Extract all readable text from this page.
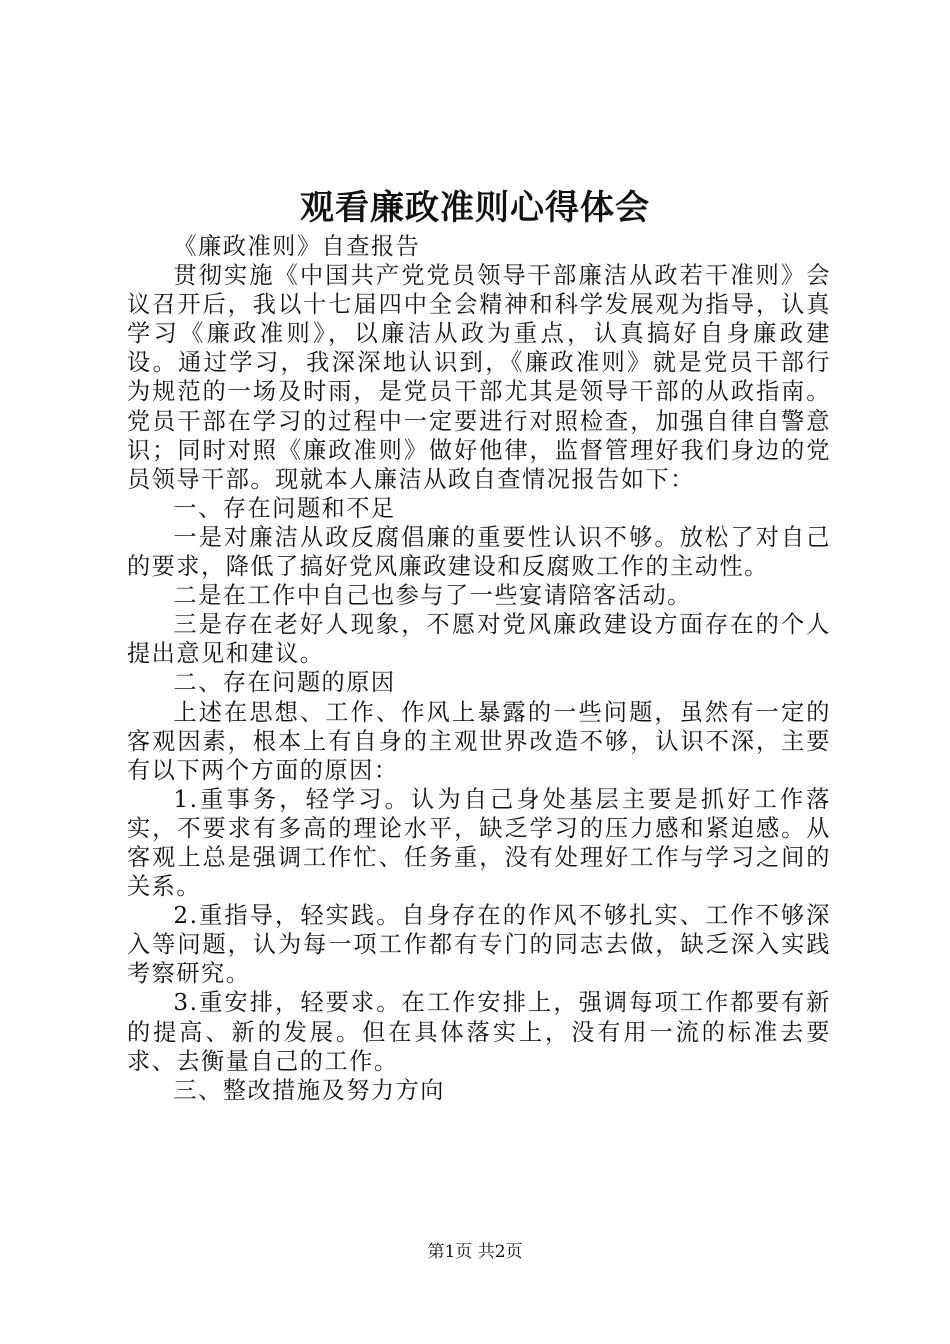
观看廉政准则心得体会

《廉政准则》自查报告

贯彻实施《中国共产党党员领导干部廉洁从政若干准则》会议召开后，我以十七届四中全会精神和科学发展观为指导，认真学习《廉政准则》，以廉洁从政为重点，认真搞好自身廉政建设。通过学习，我深深地认识到，《廉政准则》就是党员干部行为规范的一场及时雨，是党员干部尤其是领导干部的从政指南。党员干部在学习的过程中一定要进行对照检查，加强自律自警意识；同时对照《廉政准则》做好他律，监督管理好我们身边的党员领导干部。现就本人廉洁从政自查情况报告如下：

一、存在问题和不足

一是对廉洁从政反腐倡廉的重要性认识不够。放松了对自己的要求，降低了搞好党风廉政建设和反腐败工作的主动性。

二是在工作中自己也参与了一些宴请陪客活动。

三是存在老好人现象，不愿对党风廉政建设方面存在的个人提出意见和建议。

二、存在问题的原因

上述在思想、工作、作风上暴露的一些问题，虽然有一定的客观因素，根本上有自身的主观世界改造不够，认识不深，主要有以下两个方面的原因：

1.重事务，轻学习。认为自己身处基层主要是抓好工作落实，不要求有多高的理论水平，缺乏学习的压力感和紧迫感。从客观上总是强调工作忙、任务重，没有处理好工作与学习之间的关系。

2.重指导，轻实践。自身存在的作风不够扎实、工作不够深入等问题，认为每一项工作都有专门的同志去做，缺乏深入实践考察研究。

3.重安排，轻要求。在工作安排上，强调每项工作都要有新的提高、新的发展。但在具体落实上，没有用一流的标准去要求、去衡量自己的工作。

三、整改措施及努力方向

第1页 共2页
